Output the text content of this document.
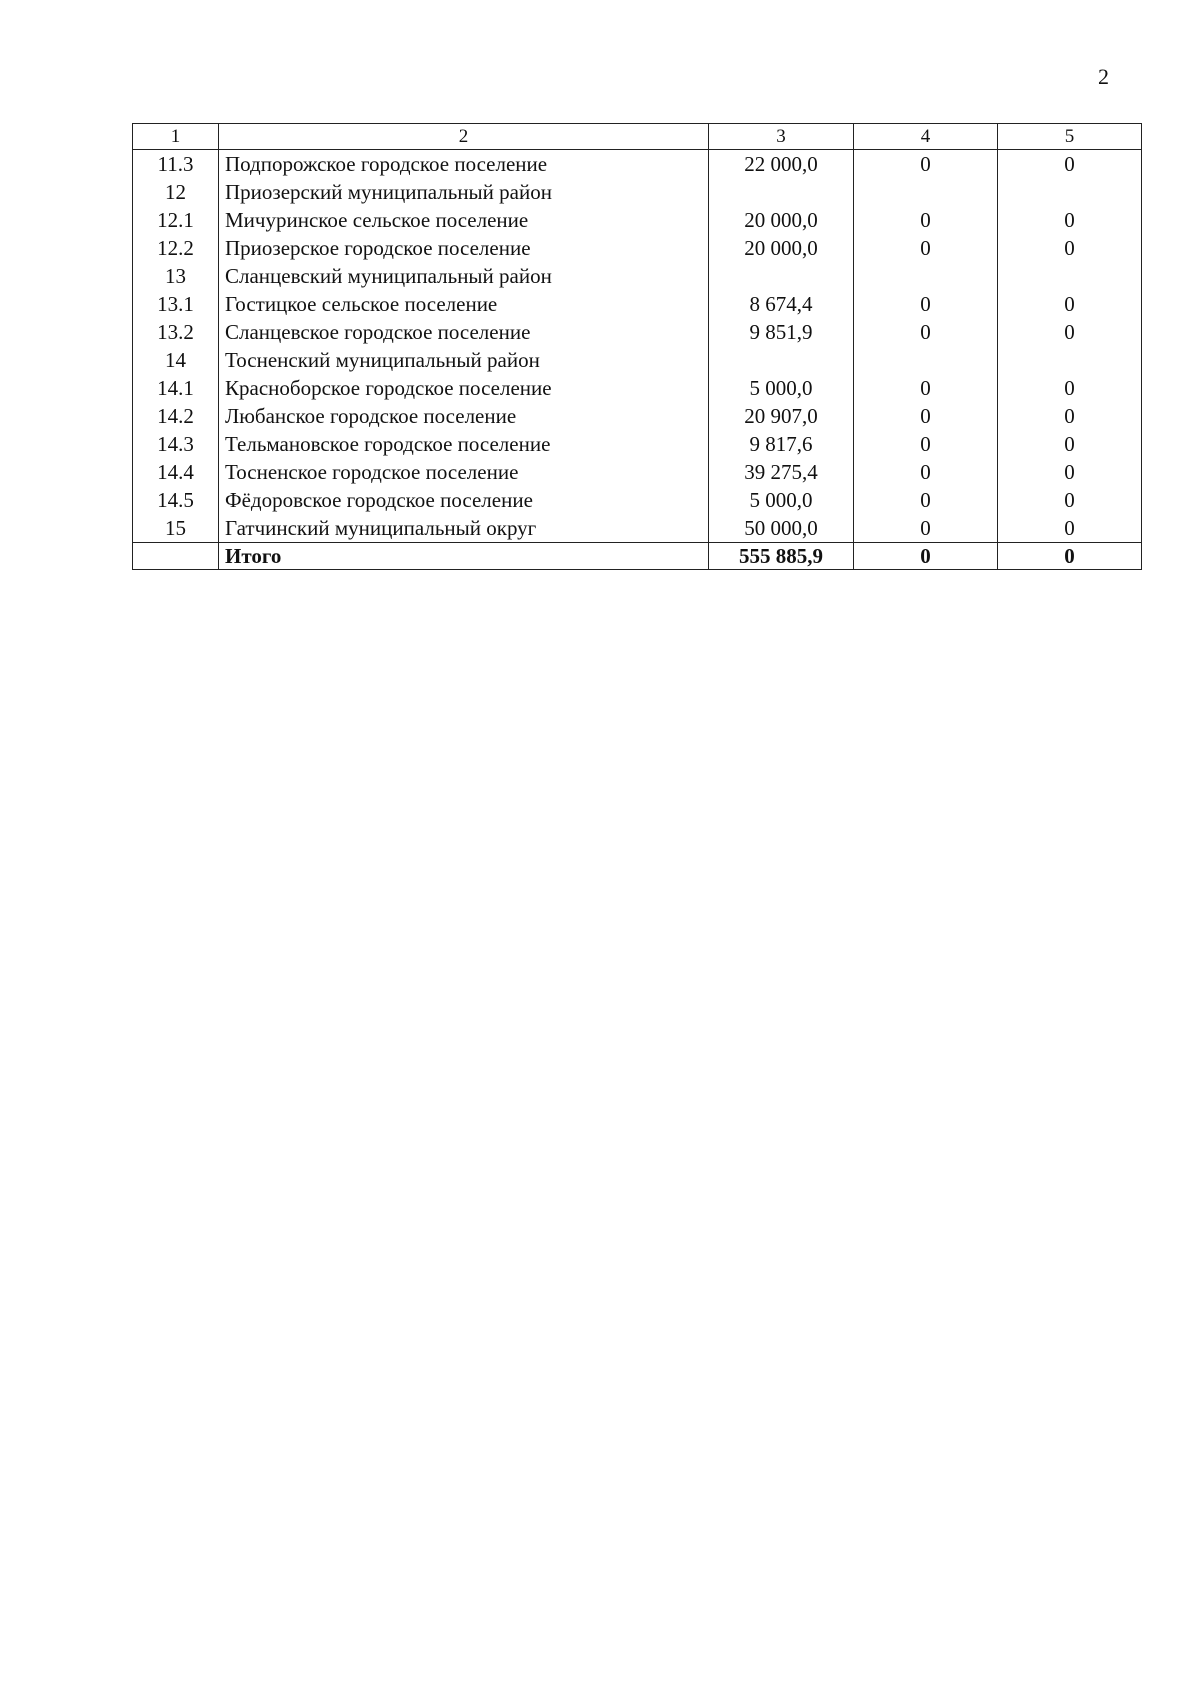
2
1	2	3	4	5
11.3	Подпорожское городское поселение	22 000,0	0	0
12	Приозерский муниципальный район			
12.1	Мичуринское сельское поселение	20 000,0	0	0
12.2	Приозерское городское поселение	20 000,0	0	0
13	Сланцевский муниципальный район			
13.1	Гостицкое сельское поселение	8 674,4	0	0
13.2	Сланцевское городское поселение	9 851,9	0	0
14	Тосненский муниципальный район			
14.1	Красноборское городское поселение	5 000,0	0	0
14.2	Любанское городское поселение	20 907,0	0	0
14.3	Тельмановское городское поселение	9 817,6	0	0
14.4	Тосненское городское поселение	39 275,4	0	0
14.5	Фёдоровское городское поселение	5 000,0	0	0
15	Гатчинский муниципальный округ	50 000,0	0	0
	Итого	555 885,9	0	0
